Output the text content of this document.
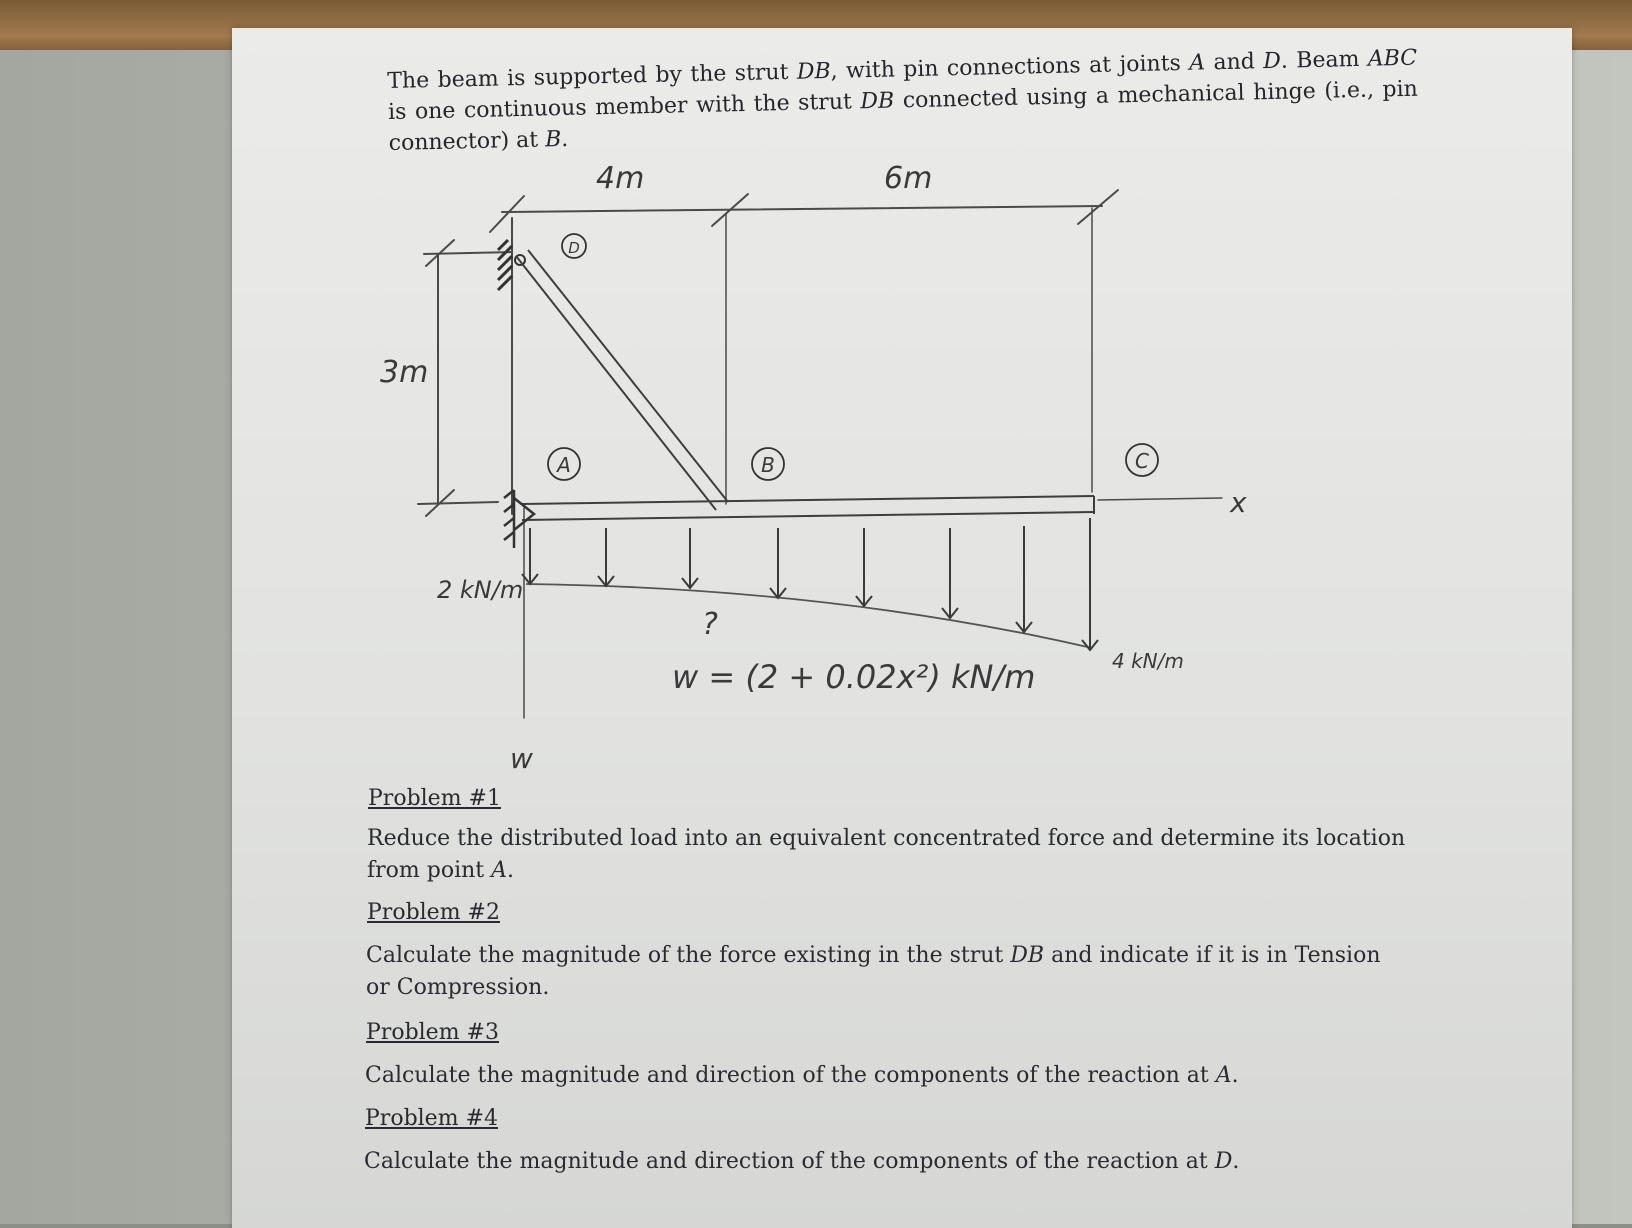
The beam is supported by the strut DB, with pin connections at joints A and D. Beam ABC is one continuous member with the strut DB connected using a mechanical hinge (i.e., pin connector) at B.
D
A	B	C
4m	6m
3m
x
2 kN/m
4 kN/m
?
w = (2 + 0.02x²) kN/m
w
Problem #1
Reduce the distributed load into an equivalent concentrated force and determine its location from point A.
Problem #2
Calculate the magnitude of the force existing in the strut DB and indicate if it is in Tension or Compression.
Problem #3
Calculate the magnitude and direction of the components of the reaction at A.
Problem #4
Calculate the magnitude and direction of the components of the reaction at D.
